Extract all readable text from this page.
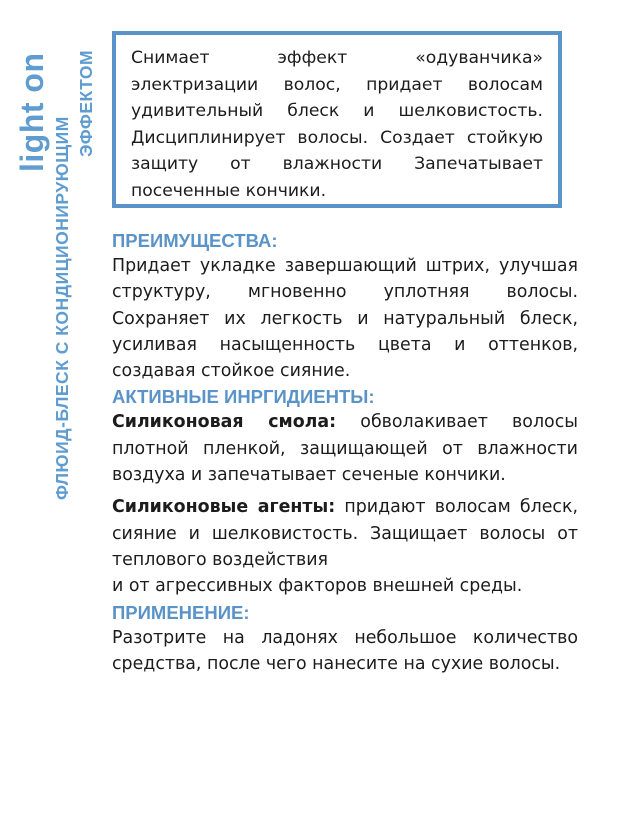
light on
ФЛЮИД-БЛЕСК С КОНДИЦИОНИРУЮЩИМ
ЭФФЕКТОМ Снимает эффект «одуванчика» электризации волос, придает волосам удивительный блеск и шелковистость. Дисциплинирует волосы. Создает стойкую защиту от влажности Запечатывает посеченные кончики.

ПРЕИМУЩЕСТВА:

Придает укладке завершающий штрих, улучшая структуру, мгновенно уплотняя волосы. Сохраняет их легкость и натуральный блеск, усиливая насыщенность цвета и оттенков, создавая стойкое сияние.

АКТИВНЫЕ ИНРГИДИЕНТЫ:

Силиконовая смола: обволакивает волосы плотной пленкой, защищающей от влажности воздуха и запечатывает сеченые кончики.

Силиконовые агенты: придают волосам блеск, сияние и шелковистость. Защищает волосы от теплового воздействия

и от агрессивных факторов внешней среды.

ПРИМЕНЕНИЕ:

Разотрите на ладонях небольшое количество средства, после чего нанесите на сухие волосы.
